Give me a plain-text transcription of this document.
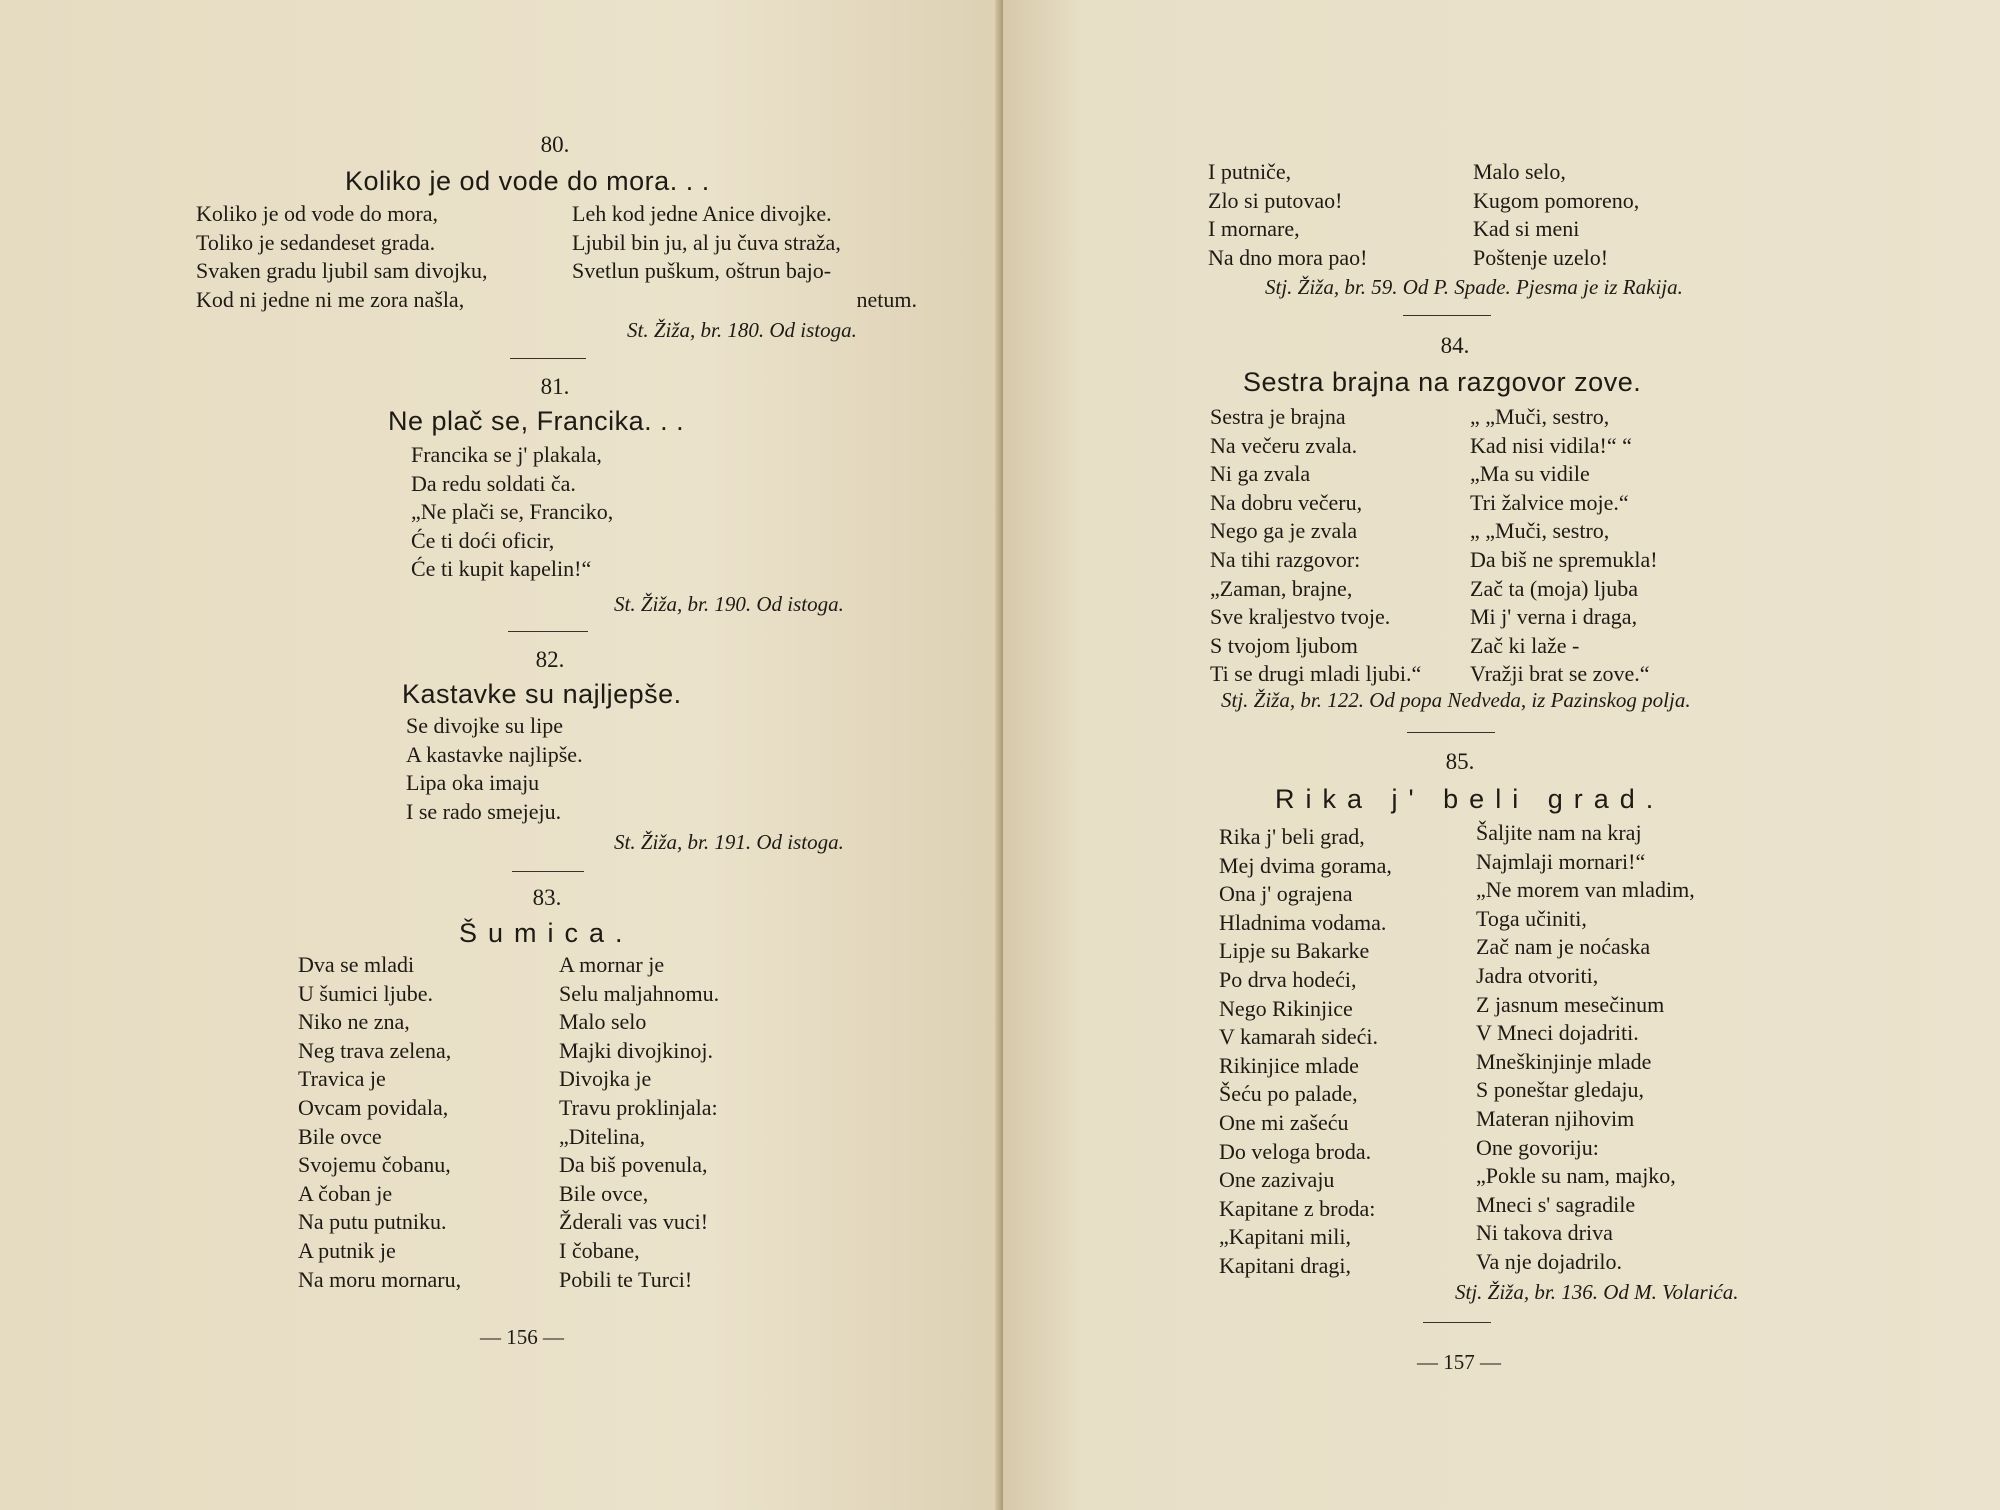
80.
Koliko je od vode do mora. . .
Koliko je od vode do mora,
Toliko je sedandeset grada.
Svaken gradu ljubil sam divojku,
Kod ni jedne ni me zora našla,
Leh kod jedne Anice divojke.
Ljubil bin ju, al ju čuva straža,
Svetlun puškum, oštrun bajo-
netum.
St. Žiža, br. 180. Od istoga.
81.
Ne plač se, Francika. . .
Francika se j' plakala,
Da redu soldati ča.
„Ne plači se, Franciko,
Će ti doći oficir,
Će ti kupit kapelin!“
St. Žiža, br. 190. Od istoga.
82.
Kastavke su najljepše.
Se divojke su lipe
A kastavke najlipše.
Lipa oka imaju
I se rado smejeju.
St. Žiža, br. 191. Od istoga.
83.
Šumica.
Dva se mladi
U šumici ljube.
Niko ne zna,
Neg trava zelena,
Travica je
Ovcam povidala,
Bile ovce
Svojemu čobanu,
A čoban je
Na putu putniku.
A putnik je
Na moru mornaru,
A mornar je
Selu maljahnomu.
Malo selo
Majki divojkinoj.
Divojka je
Travu proklinjala:
„Ditelina,
Da biš povenula,
Bile ovce,
Žderali vas vuci!
I čobane,
Pobili te Turci!
— 156 —
I putniče,
Zlo si putovao!
I mornare,
Na dno mora pao!
Malo selo,
Kugom pomoreno,
Kad si meni
Poštenje uzelo!
Stj. Žiža, br. 59. Od P. Spade. Pjesma je iz Rakija.
84.
Sestra brajna na razgovor zove.
Sestra je brajna
Na večeru zvala.
Ni ga zvala
Na dobru večeru,
Nego ga je zvala
Na tihi razgovor:
„Zaman, brajne,
Sve kraljestvo tvoje.
S tvojom ljubom
Ti se drugi mladi ljubi.“
„ „Muči, sestro,
Kad nisi vidila!“ “
„Ma su vidile
Tri žalvice moje.“
„ „Muči, sestro,
Da biš ne spremukla!
Zač ta (moja) ljuba
Mi j' verna i draga,
Zač ki laže -
Vražji brat se zove.“
Stj. Žiža, br. 122. Od popa Nedveda, iz Pazinskog polja.
85.
Rika j' beli grad.
Rika j' beli grad,
Mej dvima gorama,
Ona j' ograjena
Hladnima vodama.
Lipje su Bakarke
Po drva hodeći,
Nego Rikinjice
V kamarah sideći.
Rikinjice mlade
Šeću po palade,
One mi zašeću
Do veloga broda.
One zazivaju
Kapitane z broda:
„Kapitani mili,
Kapitani dragi,
Šaljite nam na kraj
Najmlaji mornari!“
„Ne morem van mladim,
Toga učiniti,
Zač nam je noćaska
Jadra otvoriti,
Z jasnum mesečinum
V Mneci dojadriti.
Mneškinjinje mlade
S poneštar gledaju,
Materan njihovim
One govoriju:
„Pokle su nam, majko,
Mneci s' sagradile
Ni takova driva
Va nje dojadrilo.
Stj. Žiža, br. 136. Od M. Volarića.
— 157 —
